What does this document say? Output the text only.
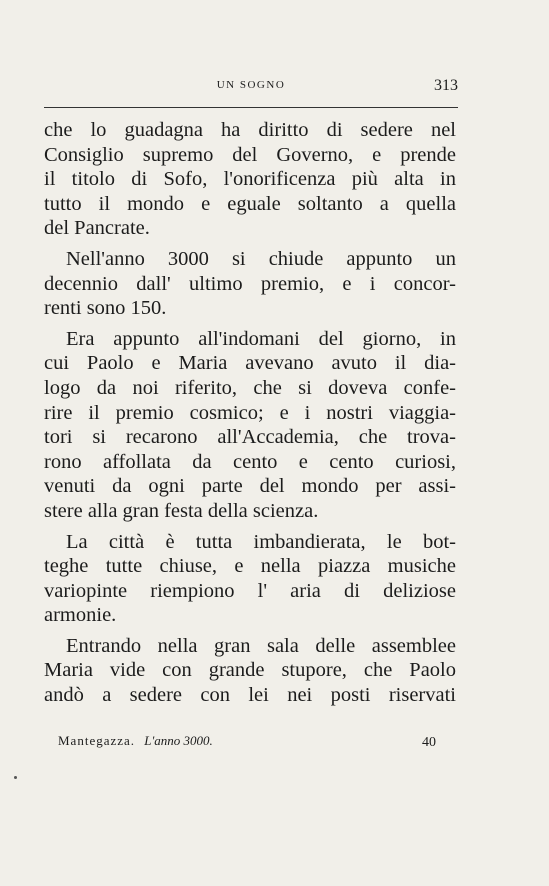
UN SOGNO	313
che lo guadagna ha diritto di sedere nel
Consiglio supremo del Governo, e prende
il titolo di Sofo, l'onorificenza più alta in
tutto il mondo e eguale soltanto a quella
del Pancrate.
Nell'anno 3000 si chiude appunto un
decennio dall' ultimo premio, e i concor-
renti sono 150.
Era appunto all'indomani del giorno, in
cui Paolo e Maria avevano avuto il dia-
logo da noi riferito, che si doveva confe-
rire il premio cosmico; e i nostri viaggia-
tori si recarono all'Accademia, che trova-
rono affollata da cento e cento curiosi,
venuti da ogni parte del mondo per assi-
stere alla gran festa della scienza.
La città è tutta imbandierata, le bot-
teghe tutte chiuse, e nella piazza musiche
variopinte riempiono l' aria di deliziose
armonie.
Entrando nella gran sala delle assemblee
Maria vide con grande stupore, che Paolo
andò a sedere con lei nei posti riservati
Mantegazza. L'anno 3000.	40
